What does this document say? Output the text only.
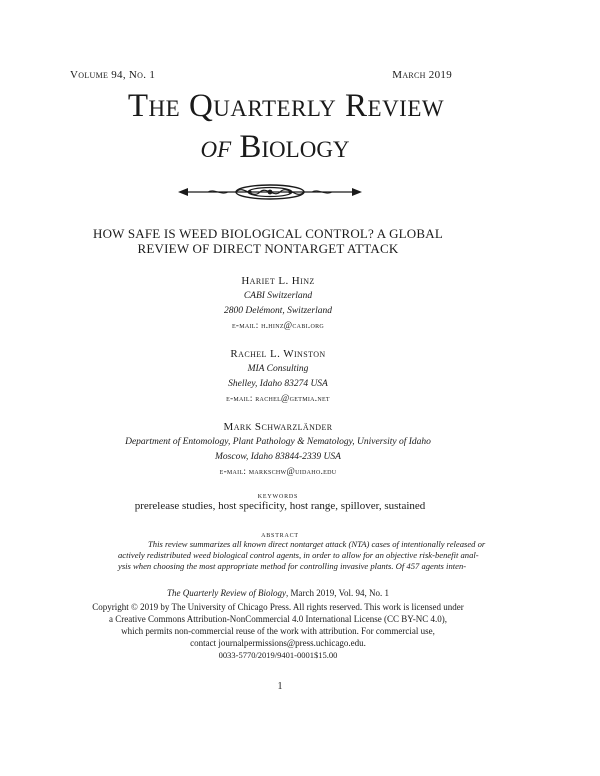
Volume 94, No. 1	March 2019
The Quarterly Review
of Biology
HOW SAFE IS WEED BIOLOGICAL CONTROL? A GLOBAL
REVIEW OF DIRECT NONTARGET ATTACK
Hariet L. Hinz
CABI Switzerland
2800 Delémont, Switzerland
e-mail: h.hinz@cabi.org
Rachel L. Winston
MIA Consulting
Shelley, Idaho 83274 USA
e-mail: rachel@getmia.net
Mark Schwarzländer
Department of Entomology, Plant Pathology & Nematology, University of Idaho
Moscow, Idaho 83844-2339 USA
e-mail: markschw@uidaho.edu
keywords
prerelease studies, host specificity, host range, spillover, sustained
abstract
This review summarizes all known direct nontarget attack (NTA) cases of intentionally released or
actively redistributed weed biological control agents, in order to allow for an objective risk-benefit anal-
ysis when choosing the most appropriate method for controlling invasive plants. Of 457 agents inten-
The Quarterly Review of Biology, March 2019, Vol. 94, No. 1
Copyright © 2019 by The University of Chicago Press. All rights reserved. This work is licensed under
a Creative Commons Attribution-NonCommercial 4.0 International License (CC BY-NC 4.0),
which permits non-commercial reuse of the work with attribution. For commercial use,
contact journalpermissions@press.uchicago.edu.
0033-5770/2019/9401-0001$15.00
1
